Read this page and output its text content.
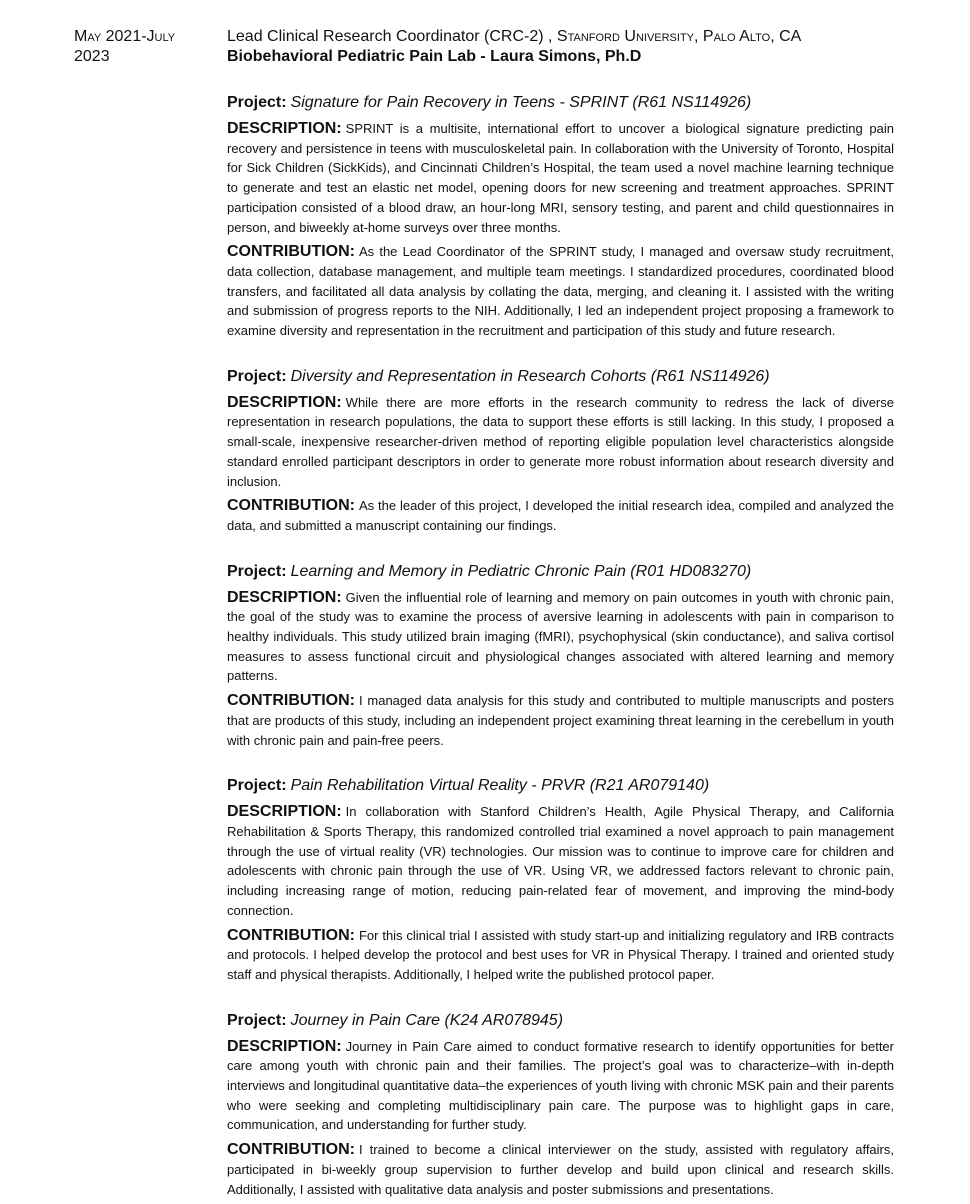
May 2021-July 2023
Lead Clinical Research Coordinator (CRC-2) , Stanford University, Palo Alto, CA
Biobehavioral Pediatric Pain Lab - Laura Simons, Ph.D
Project: Signature for Pain Recovery in Teens - SPRINT (R61 NS114926)

DESCRIPTION: SPRINT is a multisite, international effort to uncover a biological signature predicting pain recovery and persistence in teens with musculoskeletal pain. In collaboration with the University of Toronto, Hospital for Sick Children (SickKids), and Cincinnati Children’s Hospital, the team used a novel machine learning technique to generate and test an elastic net model, opening doors for new screening and treatment approaches. SPRINT participation consisted of a blood draw, an hour-long MRI, sensory testing, and parent and child questionnaires in person, and biweekly at-home surveys over three months.

CONTRIBUTION: As the Lead Coordinator of the SPRINT study, I managed and oversaw study recruitment, data collection, database management, and multiple team meetings. I standardized procedures, coordinated blood transfers, and facilitated all data analysis by collating the data, merging, and cleaning it. I assisted with the writing and submission of progress reports to the NIH. Additionally, I led an independent project proposing a framework to examine diversity and representation in the recruitment and participation of this study and future research.

Project: Diversity and Representation in Research Cohorts (R61 NS114926)

DESCRIPTION: While there are more efforts in the research community to redress the lack of diverse representation in research populations, the data to support these efforts is still lacking. In this study, I proposed a small-scale, inexpensive researcher-driven method of reporting eligible population level characteristics alongside standard enrolled participant descriptors in order to generate more robust information about research diversity and inclusion.

CONTRIBUTION: As the leader of this project, I developed the initial research idea, compiled and analyzed the data, and submitted a manuscript containing our findings.

Project: Learning and Memory in Pediatric Chronic Pain (R01 HD083270)

DESCRIPTION: Given the influential role of learning and memory on pain outcomes in youth with chronic pain, the goal of the study was to examine the process of aversive learning in adolescents with pain in comparison to healthy individuals. This study utilized brain imaging (fMRI), psychophysical (skin conductance), and saliva cortisol measures to assess functional circuit and physiological changes associated with altered learning and memory patterns.

CONTRIBUTION: I managed data analysis for this study and contributed to multiple manuscripts and posters that are products of this study, including an independent project examining threat learning in the cerebellum in youth with chronic pain and pain-free peers.

Project: Pain Rehabilitation Virtual Reality - PRVR (R21 AR079140)

DESCRIPTION: In collaboration with Stanford Children’s Health, Agile Physical Therapy, and California Rehabilitation & Sports Therapy, this randomized controlled trial examined a novel approach to pain management through the use of virtual reality (VR) technologies. Our mission was to continue to improve care for children and adolescents with chronic pain through the use of VR. Using VR, we addressed factors relevant to chronic pain, including increasing range of motion, reducing pain-related fear of movement, and improving the mind-body connection.

CONTRIBUTION: For this clinical trial I assisted with study start-up and initializing regulatory and IRB contracts and protocols. I helped develop the protocol and best uses for VR in Physical Therapy. I trained and oriented study staff and physical therapists. Additionally, I helped write the published protocol paper.

Project: Journey in Pain Care (K24 AR078945)

DESCRIPTION: Journey in Pain Care aimed to conduct formative research to identify opportunities for better care among youth with chronic pain and their families. The project’s goal was to characterize–with in-depth interviews and longitudinal quantitative data–the experiences of youth living with chronic MSK pain and their parents who were seeking and completing multidisciplinary pain care. The purpose was to highlight gaps in care, communication, and understanding for further study.

CONTRIBUTION: I trained to become a clinical interviewer on the study, assisted with regulatory affairs, participated in bi-weekly group supervision to further develop and build upon clinical and research skills. Additionally, I assisted with qualitative data analysis and poster submissions and presentations.
